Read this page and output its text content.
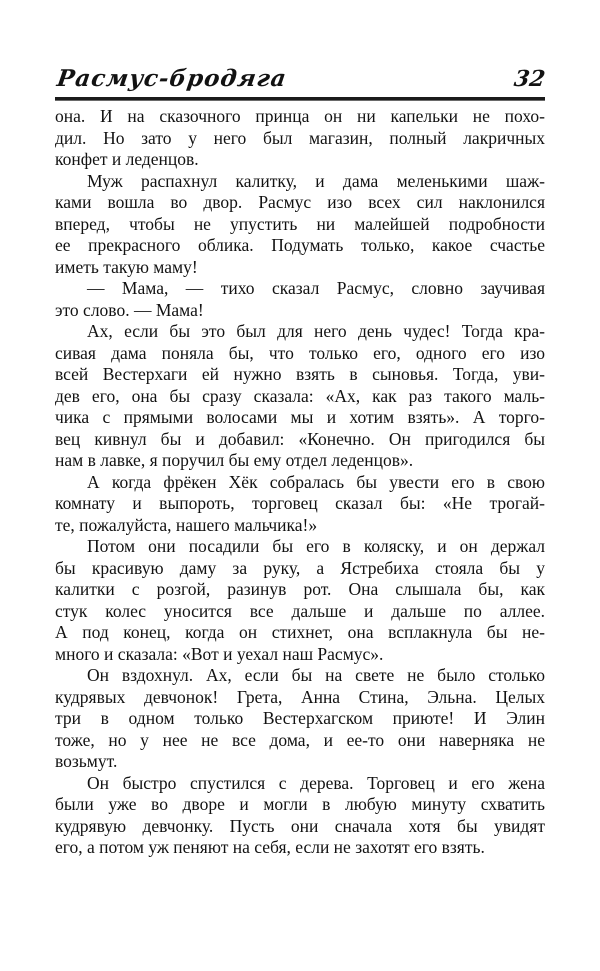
Расмус-бродяга	32

она. И на сказочного принца он ни капельки не похо-
дил. Но зато у него был магазин, полный лакричных
конфет и леденцов.

Муж распахнул калитку, и дама меленькими шаж-
ками вошла во двор. Расмус изо всех сил наклонился
вперед, чтобы не упустить ни малейшей подробности
ее прекрасного облика. Подумать только, какое счастье
иметь такую маму!

— Мама, — тихо сказал Расмус, словно заучивая
это слово. — Мама!

Ах, если бы это был для него день чудес! Тогда кра-
сивая дама поняла бы, что только его, одного его изо
всей Вестерхаги ей нужно взять в сыновья. Тогда, уви-
дев его, она бы сразу сказала: «Ах, как раз такого маль-
чика с прямыми волосами мы и хотим взять». А торго-
вец кивнул бы и добавил: «Конечно. Он пригодился бы
нам в лавке, я поручил бы ему отдел леденцов».

А когда фрёкен Хёк собралась бы увести его в свою
комнату и выпороть, торговец сказал бы: «Не трогай-
те, пожалуйста, нашего мальчика!»

Потом они посадили бы его в коляску, и он держал
бы красивую даму за руку, а Ястребиха стояла бы у
калитки с розгой, разинув рот. Она слышала бы, как
стук колес уносится все дальше и дальше по аллее.
А под конец, когда он стихнет, она всплакнула бы не-
много и сказала: «Вот и уехал наш Расмус».

Он вздохнул. Ах, если бы на свете не было столько
кудрявых девчонок! Грета, Анна Стина, Эльна. Целых
три в одном только Вестерхагском приюте! И Элин
тоже, но у нее не все дома, и ее-то они наверняка не
возьмут.

Он быстро спустился с дерева. Торговец и его жена
были уже во дворе и могли в любую минуту схватить
кудрявую девчонку. Пусть они сначала хотя бы увидят
его, а потом уж пеняют на себя, если не захотят его взять.
